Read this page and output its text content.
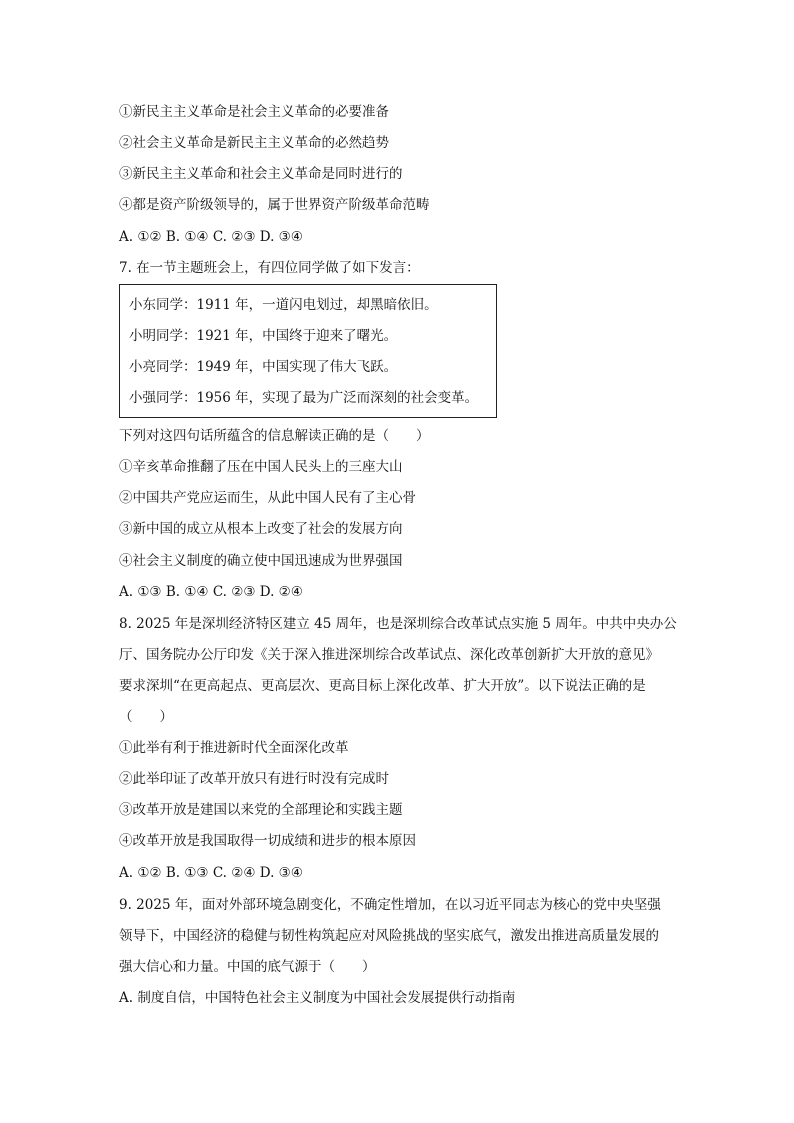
①新民主主义革命是社会主义革命的必要准备
②社会主义革命是新民主主义革命的必然趋势
③新民主主义革命和社会主义革命是同时进行的
④都是资产阶级领导的，属于世界资产阶级革命范畴
A. ①② B. ①④ C. ②③ D. ③④
7. 在一节主题班会上，有四位同学做了如下发言：
小东同学：1911 年，一道闪电划过，却黑暗依旧。
小明同学：1921 年，中国终于迎来了曙光。
小亮同学：1949 年，中国实现了伟大飞跃。
小强同学：1956 年，实现了最为广泛而深刻的社会变革。
下列对这四句话所蕴含的信息解读正确的是（　　）
①辛亥革命推翻了压在中国人民头上的三座大山
②中国共产党应运而生，从此中国人民有了主心骨
③新中国的成立从根本上改变了社会的发展方向
④社会主义制度的确立使中国迅速成为世界强国
A. ①③ B. ①④ C. ②③ D. ②④
8. 2025 年是深圳经济特区建立 45 周年，也是深圳综合改革试点实施 5 周年。中共中央办公
厅、国务院办公厅印发《关于深入推进深圳综合改革试点、深化改革创新扩大开放的意见》
要求深圳“在更高起点、更高层次、更高目标上深化改革、扩大开放”。以下说法正确的是
（　　）
①此举有利于推进新时代全面深化改革
②此举印证了改革开放只有进行时没有完成时
③改革开放是建国以来党的全部理论和实践主题
④改革开放是我国取得一切成绩和进步的根本原因
A. ①② B. ①③ C. ②④ D. ③④
9. 2025 年，面对外部环境急剧变化，不确定性增加，在以习近平同志为核心的党中央坚强
领导下，中国经济的稳健与韧性构筑起应对风险挑战的坚实底气，激发出推进高质量发展的
强大信心和力量。中国的底气源于（　　）
A. 制度自信，中国特色社会主义制度为中国社会发展提供行动指南
